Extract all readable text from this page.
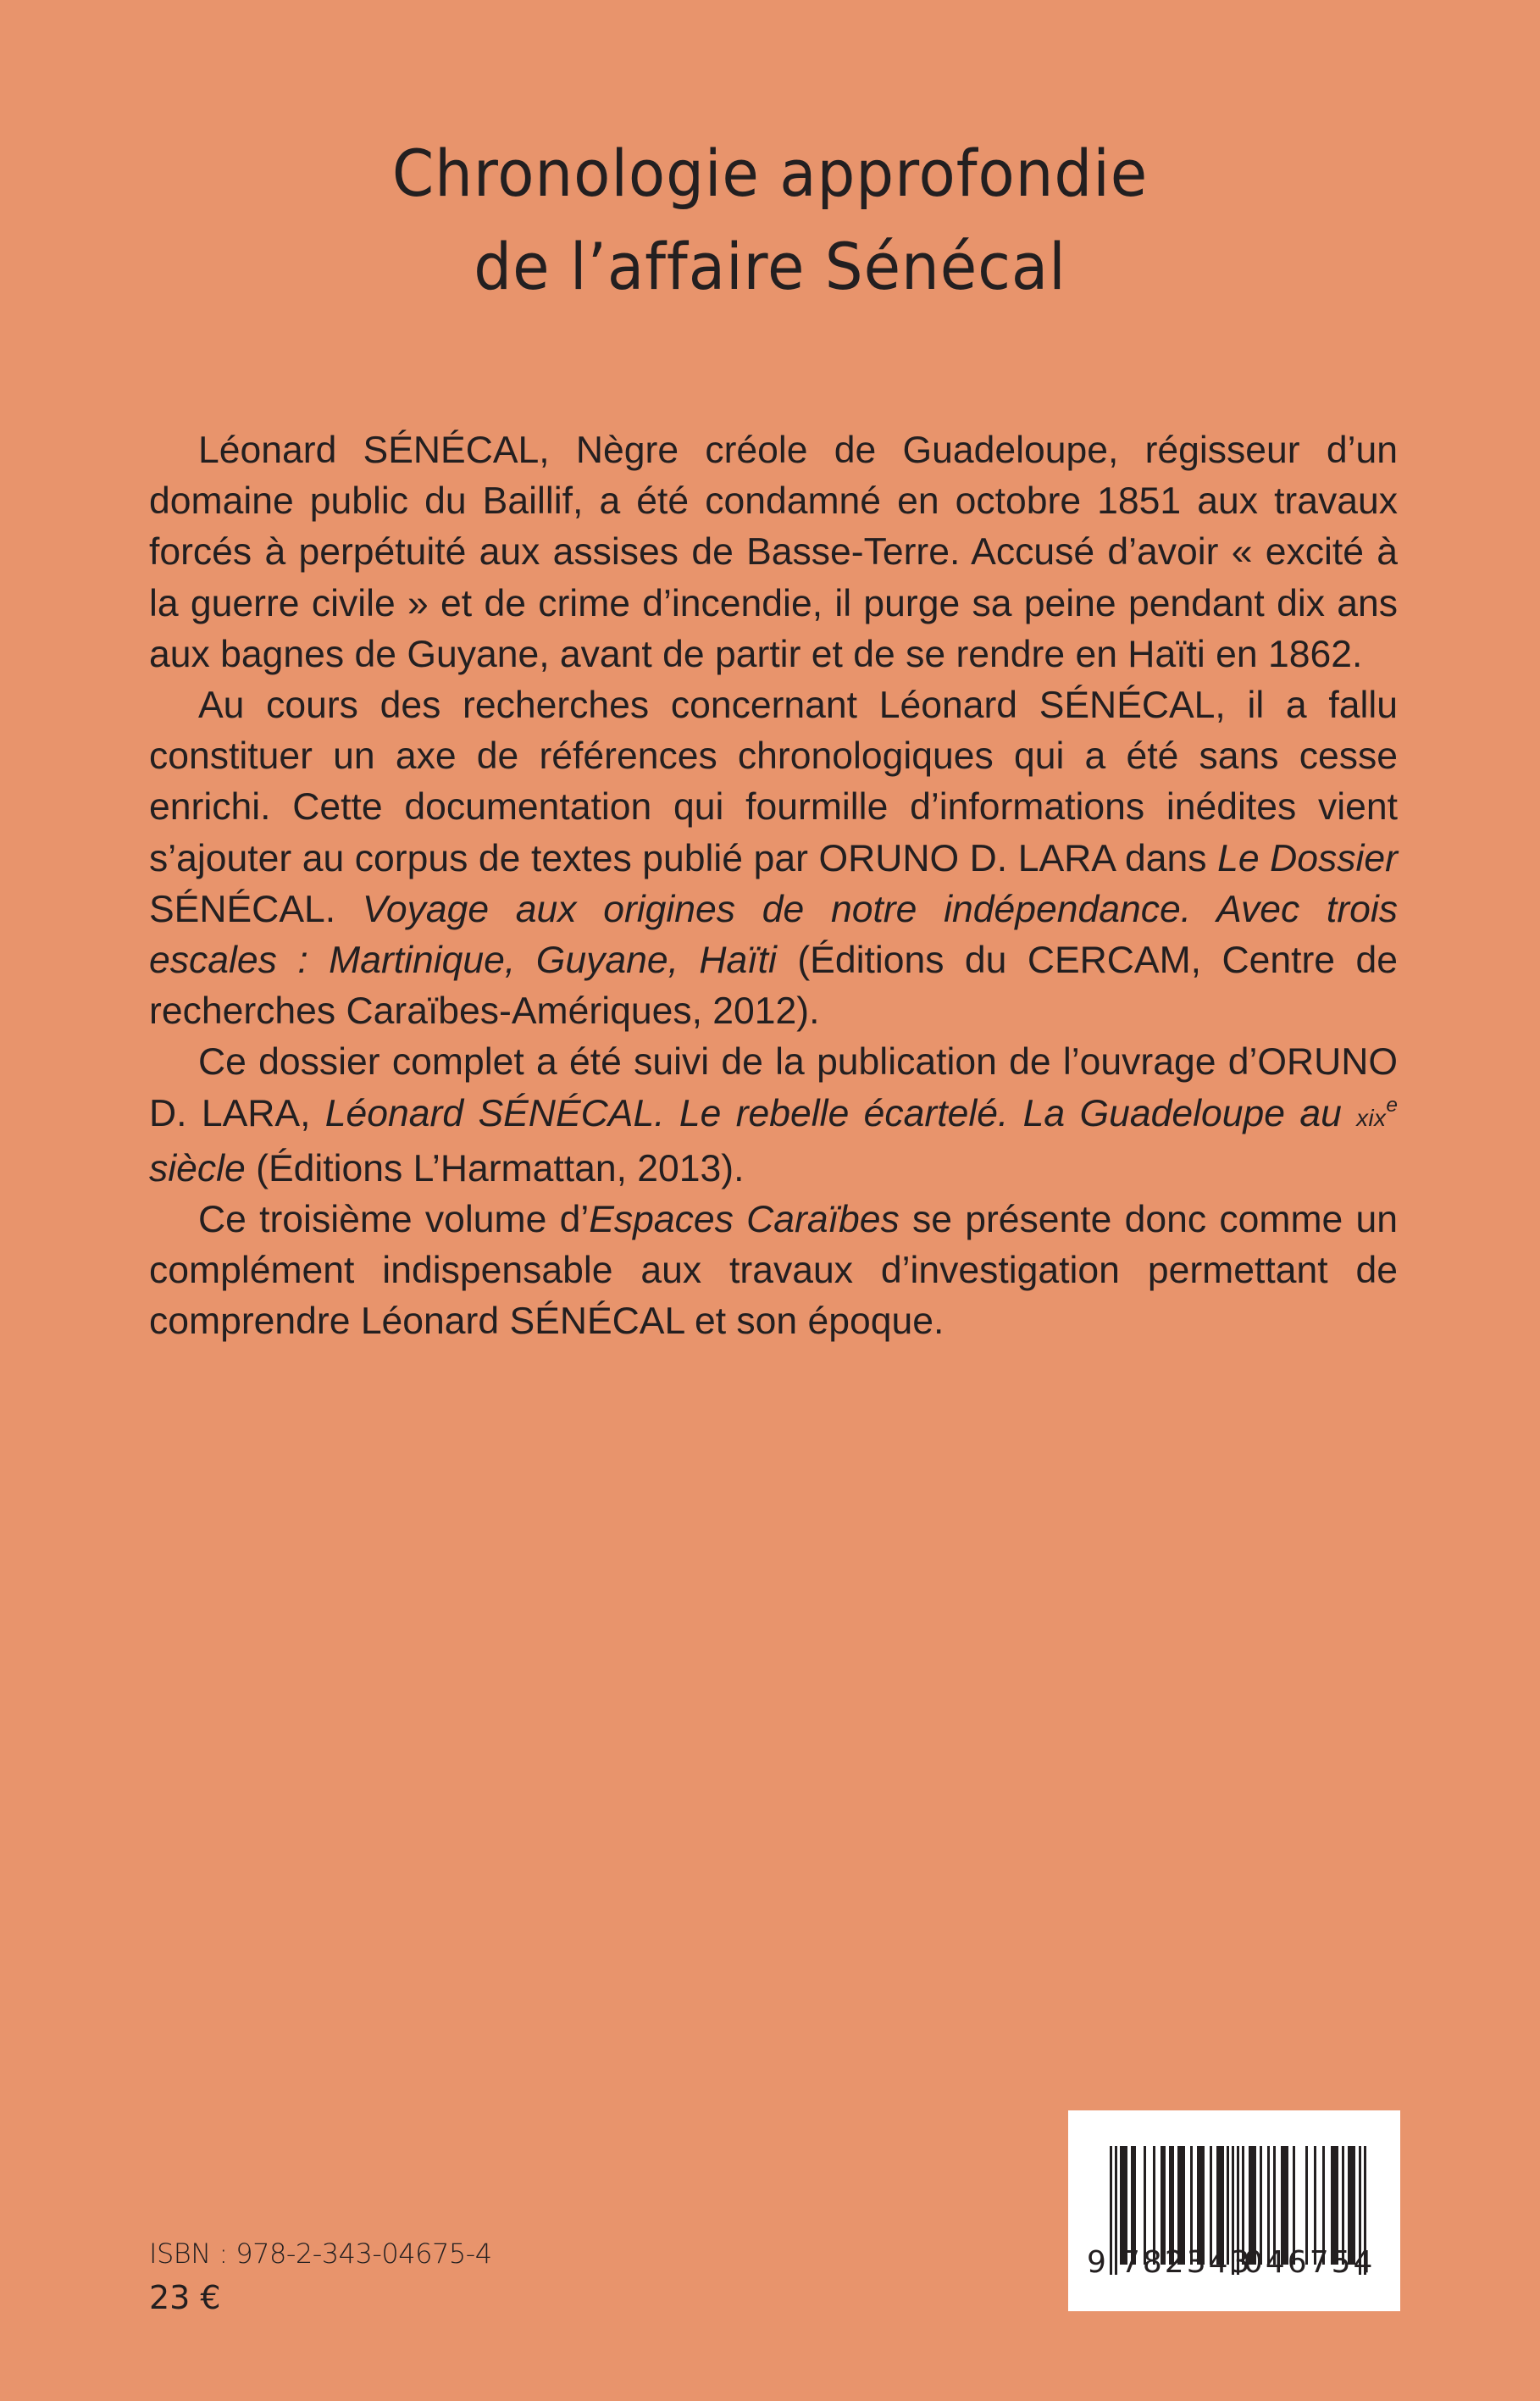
Chronologie approfondie
de l’affaire Sénécal

Léonard SÉNÉCAL, Nègre créole de Guadeloupe, régisseur d’un domaine public du Baillif, a été condamné en octobre 1851 aux travaux forcés à perpétuité aux assises de Basse-Terre. Accusé d’avoir « excité à la guerre civile » et de crime d’incendie, il purge sa peine pendant dix ans aux bagnes de Guyane, avant de partir et de se rendre en Haïti en 1862.

Au cours des recherches concernant Léonard SÉNÉCAL, il a fallu constituer un axe de références chronologiques qui a été sans cesse enrichi. Cette documentation qui fourmille d’informations inédites vient s’ajouter au corpus de textes publié par ORUNO D. LARA dans Le Dossier SÉNÉCAL. Voyage aux origines de notre indépendance. Avec trois escales : Martinique, Guyane, Haïti (Éditions du CERCAM, Centre de recherches Caraïbes-Amériques, 2012).

Ce dossier complet a été suivi de la publication de l’ouvrage d’ORUNO D. LARA, Léonard SÉNÉCAL. Le rebelle écartelé. La Guadeloupe au xix$^e$ siècle (Éditions L’Harmattan, 2013).

Ce troisième volume d’Espaces Caraïbes se présente donc comme un complément indispensable aux travaux d’investigation permettant de comprendre Léonard SÉNÉCAL et son époque.

ISBN : 978-2-343-04675-4
23 €
9 782343
046754
